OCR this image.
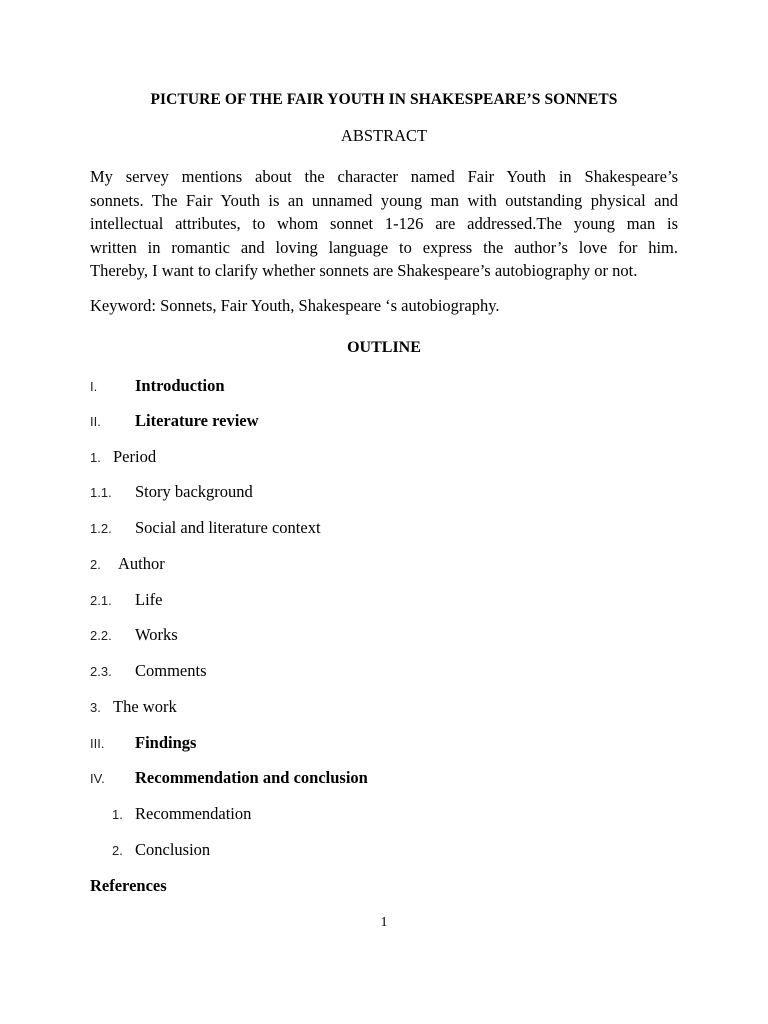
PICTURE OF THE FAIR YOUTH IN SHAKESPEARE’S SONNETS
ABSTRACT
My servey mentions about the character named Fair Youth in Shakespeare’s
sonnets. The Fair Youth is an unnamed young man with outstanding physical and
intellectual attributes, to whom sonnet 1-126 are addressed.The young man is
written in romantic and loving language to express the author’s love for him.
Thereby, I want to clarify whether sonnets are Shakespeare’s autobiography or not.
Keyword: Sonnets, Fair Youth, Shakespeare ‘s autobiography.
OUTLINE
I. Introduction
II. Literature review
1. Period
1.1. Story background
1.2. Social and literature context
2. Author
2.1. Life
2.2. Works
2.3. Comments
3. The work
III. Findings
IV. Recommendation and conclusion
1. Recommendation
2. Conclusion
References
1
